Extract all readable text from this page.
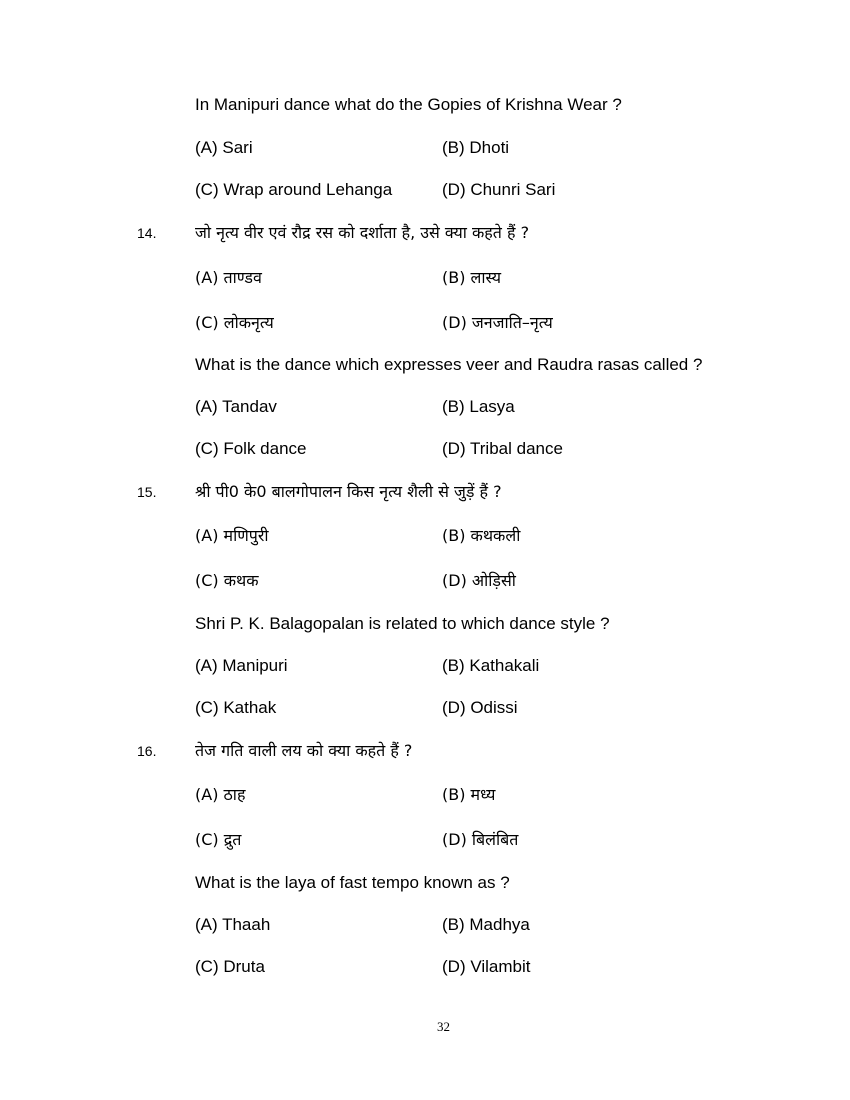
In Manipuri dance what do the Gopies of Krishna Wear ?
(A) Sari	(B) Dhoti
(C) Wrap around Lehanga	(D) Chunri Sari
14. जो नृत्य वीर एवं रौद्र रस को दर्शाता है, उसे क्या कहते हैं ?
(A) ताण्डव	(B) लास्य
(C) लोकनृत्य	(D) जनजाति–नृत्य
What is the dance which expresses veer and Raudra rasas called ?
(A) Tandav	(B) Lasya
(C) Folk dance	(D) Tribal dance
15. श्री पी0 के0 बालगोपालन किस नृत्य शैली से जुड़ें हैं ?
(A) मणिपुरी	(B) कथकली
(C) कथक	(D) ओड़िसी
Shri P. K. Balagopalan is related to which dance style ?
(A) Manipuri	(B) Kathakali
(C) Kathak	(D) Odissi
16. तेज गति वाली लय को क्या कहते हैं ?
(A) ठाह	(B) मध्य
(C) द्रुत	(D) बिलंबित
What is the laya of fast tempo known as ?
(A) Thaah	(B) Madhya
(C) Druta	(D) Vilambit
32
